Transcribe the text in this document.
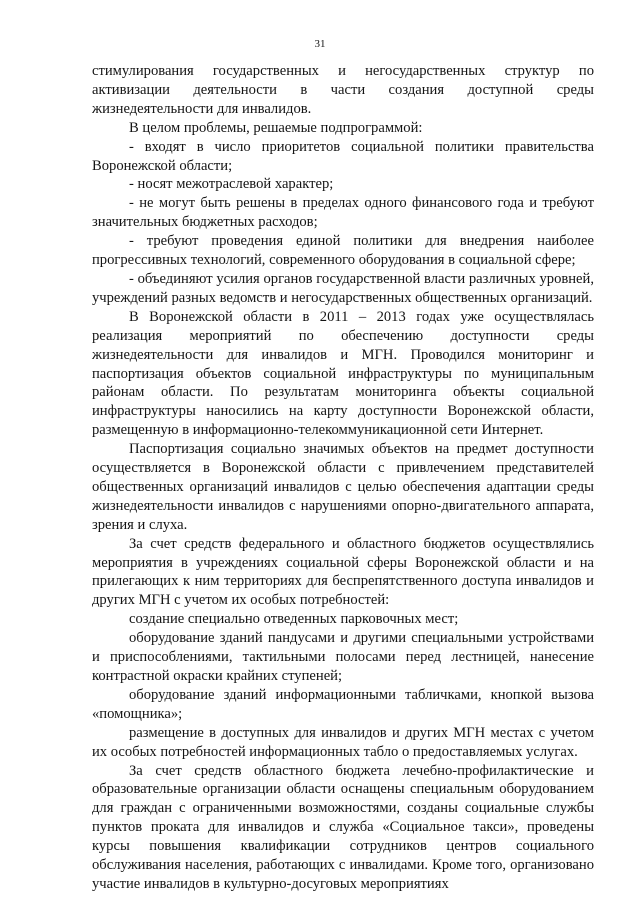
31

стимулирования государственных и негосударственных структур по активизации деятельности в части создания доступной среды жизнедеятельности для инвалидов.

В целом проблемы, решаемые подпрограммой:

- входят в число приоритетов социальной политики правительства Воронежской области;

- носят межотраслевой характер;

- не могут быть решены в пределах одного финансового года и требуют значительных бюджетных расходов;

- требуют проведения единой политики для внедрения наиболее прогрессивных технологий, современного оборудования в социальной сфере;

- объединяют усилия органов государственной власти различных уровней, учреждений разных ведомств и негосударственных общественных организаций.

В Воронежской области в 2011 – 2013 годах уже осуществлялась реализация мероприятий по обеспечению доступности среды жизнедеятельности для инвалидов и МГН. Проводился мониторинг и паспортизация объектов социальной инфраструктуры по муниципальным районам области. По результатам мониторинга объекты социальной инфраструктуры наносились на карту доступности Воронежской области, размещенную в информационно-телекоммуникационной сети Интернет.

Паспортизация социально значимых объектов на предмет доступности осуществляется в Воронежской области с привлечением представителей общественных организаций инвалидов с целью обеспечения адаптации среды жизнедеятельности инвалидов с нарушениями опорно-двигательного аппарата, зрения и слуха.

За счет средств федерального и областного бюджетов осуществлялись мероприятия в учреждениях социальной сферы Воронежской области и на прилегающих к ним территориях для беспрепятственного доступа инвалидов и других МГН с учетом их особых потребностей:

создание специально отведенных парковочных мест;

оборудование зданий пандусами и другими специальными устройствами и приспособлениями, тактильными полосами перед лестницей, нанесение контрастной окраски крайних ступеней;

оборудование зданий информационными табличками, кнопкой вызова «помощника»;

размещение в доступных для инвалидов и других МГН местах с учетом их особых потребностей информационных табло о предоставляемых услугах.

За счет средств областного бюджета лечебно-профилактические и образовательные организации области оснащены специальным оборудованием для граждан с ограниченными возможностями, созданы социальные службы пунктов проката для инвалидов и служба «Социальное такси», проведены курсы повышения квалификации сотрудников центров социального обслуживания населения, работающих с инвалидами. Кроме того, организовано участие инвалидов в культурно-досуговых мероприятиях
